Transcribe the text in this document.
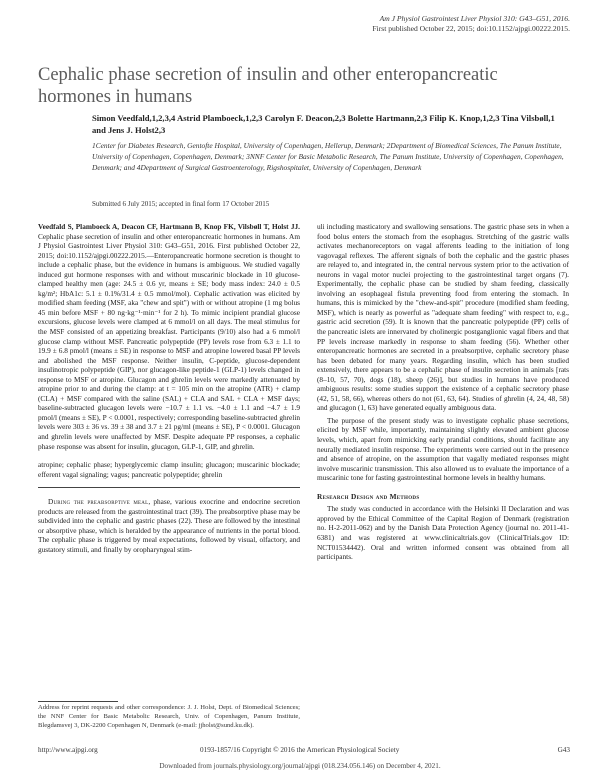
Am J Physiol Gastrointest Liver Physiol 310: G43–G51, 2016.
First published October 22, 2015; doi:10.1152/ajpgi.00222.2015.
Cephalic phase secretion of insulin and other enteropancreatic hormones in humans
Simon Veedfald,1,2,3,4 Astrid Plamboeck,1,2,3 Carolyn F. Deacon,2,3 Bolette Hartmann,2,3 Filip K. Knop,1,2,3 Tina Vilsbøll,1 and Jens J. Holst2,3
1Center for Diabetes Research, Gentofte Hospital, University of Copenhagen, Hellerup, Denmark; 2Department of Biomedical Sciences, The Panum Institute, University of Copenhagen, Copenhagen, Denmark; 3NNF Center for Basic Metabolic Research, The Panum Institute, University of Copenhagen, Copenhagen, Denmark; and 4Department of Surgical Gastroenterology, Rigshospitalet, University of Copenhagen, Denmark
Submitted 6 July 2015; accepted in final form 17 October 2015
Veedfald S, Plamboeck A, Deacon CF, Hartmann B, Knop FK, Vilsbøll T, Holst JJ. Cephalic phase secretion of insulin and other enteropancreatic hormones in humans. Am J Physiol Gastrointest Liver Physiol 310: G43–G51, 2016. First published October 22, 2015; doi:10.1152/ajpgi.00222.2015.—Enteropancreatic hormone secretion is thought to include a cephalic phase, but the evidence in humans is ambiguous. We studied vagally induced gut hormone responses with and without muscarinic blockade in 10 glucose-clamped healthy men (age: 24.5 ± 0.6 yr, means ± SE; body mass index: 24.0 ± 0.5 kg/m²; HbA1c: 5.1 ± 0.1%/31.4 ± 0.5 mmol/mol). Cephalic activation was elicited by modified sham feeding (MSF, aka "chew and spit") with or without atropine (1 mg bolus 45 min before MSF + 80 ng·kg⁻¹·min⁻¹ for 2 h). To mimic incipient prandial glucose excursions, glucose levels were clamped at 6 mmol/l on all days. The meal stimulus for the MSF consisted of an appetizing breakfast. Participants (9/10) also had a 6 mmol/l glucose clamp without MSF. Pancreatic polypeptide (PP) levels rose from 6.3 ± 1.1 to 19.9 ± 6.8 pmol/l (means ± SE) in response to MSF and atropine lowered basal PP levels and abolished the MSF response. Neither insulin, C-peptide, glucose-dependent insulinotropic polypeptide (GIP), nor glucagon-like peptide-1 (GLP-1) levels changed in response to MSF or atropine. Glucagon and ghrelin levels were markedly attenuated by atropine prior to and during the clamp: at t = 105 min on the atropine (ATR) + clamp (CLA) + MSF compared with the saline (SAL) + CLA and SAL + CLA + MSF days; baseline-subtracted glucagon levels were −10.7 ± 1.1 vs. −4.0 ± 1.1 and −4.7 ± 1.9 pmol/l (means ± SE), P < 0.0001, respectively; corresponding baseline-subtracted ghrelin levels were 303 ± 36 vs. 39 ± 38 and 3.7 ± 21 pg/ml (means ± SE), P < 0.0001. Glucagon and ghrelin levels were unaffected by MSF. Despite adequate PP responses, a cephalic phase response was absent for insulin, glucagon, GLP-1, GIP, and ghrelin.
atropine; cephalic phase; hyperglycemic clamp insulin; glucagon; muscarinic blockade; efferent vagal signaling; vagus; pancreatic polypeptide; ghrelin
During the preabsorptive meal, phase, various exocrine and endocrine secretion products are released from the gastrointestinal tract (39). The preabsorptive phase may be subdivided into the cephalic and gastric phases (22). These are followed by the intestinal or absorptive phase, which is heralded by the appearance of nutrients in the portal blood. The cephalic phase is triggered by meal expectations, followed by visual, olfactory, and gustatory stimuli, and finally by oropharyngeal stim-
uli including masticatory and swallowing sensations. The gastric phase sets in when a food bolus enters the stomach from the esophagus. Stretching of the gastric walls activates mechanoreceptors on vagal afferents leading to the initiation of long vagovagal reflexes. The afferent signals of both the cephalic and the gastric phases are relayed to, and integrated in, the central nervous system prior to the activation of neurons in vagal motor nuclei projecting to the gastrointestinal target organs (7). Experimentally, the cephalic phase can be studied by sham feeding, classically involving an esophageal fistula preventing food from entering the stomach. In humans, this is mimicked by the "chew-and-spit" procedure (modified sham feeding, MSF), which is nearly as powerful as "adequate sham feeding" with respect to, e.g., gastric acid secretion (59). It is known that the pancreatic polypeptide (PP) cells of the pancreatic islets are innervated by cholinergic postganglionic vagal fibers and that PP levels increase markedly in response to sham feeding (56). Whether other enteropancreatic hormones are secreted in a preabsorptive, cephalic secretory phase has been debated for many years. Regarding insulin, which has been studied extensively, there appears to be a cephalic phase of insulin secretion in animals [rats (8–10, 57, 70), dogs (18), sheep (26)], but studies in humans have produced ambiguous results: some studies support the existence of a cephalic secretory phase (42, 51, 58, 66), whereas others do not (61, 63, 64). Studies of ghrelin (4, 24, 48, 58) and glucagon (1, 63) have generated equally ambiguous data.
The purpose of the present study was to investigate cephalic phase secretions, elicited by MSF while, importantly, maintaining slightly elevated ambient glucose levels, which, apart from mimicking early prandial conditions, should facilitate any neurally mediated insulin response. The experiments were carried out in the presence and absence of atropine, on the assumption that vagally mediated responses might involve muscarinic transmission. This also allowed us to evaluate the importance of a muscarinic tone for fasting gastrointestinal hormone levels in healthy humans.
Research Design and Methods
The study was conducted in accordance with the Helsinki II Declaration and was approved by the Ethical Committee of the Capital Region of Denmark (registration no. H-2-2011-062) and by the Danish Data Protection Agency (journal no. 2011-41-6381) and was registered at www.clinicaltrials.gov (ClinicalTrials.gov ID: NCT01534442). Oral and written informed consent was obtained from all participants.
Address for reprint requests and other correspondence: J. J. Holst, Dept. of Biomedical Sciences; the NNF Center for Basic Metabolic Research, Univ. of Copenhagen, Panum Institute, Blegdamsvej 3, DK-2200 Copenhagen N, Denmark (e-mail: jjholst@sund.ku.dk).
http://www.ajpgi.org	0193-1857/16 Copyright © 2016 the American Physiological Society	G43
Downloaded from journals.physiology.org/journal/ajpgi (018.234.056.146) on December 4, 2021.
